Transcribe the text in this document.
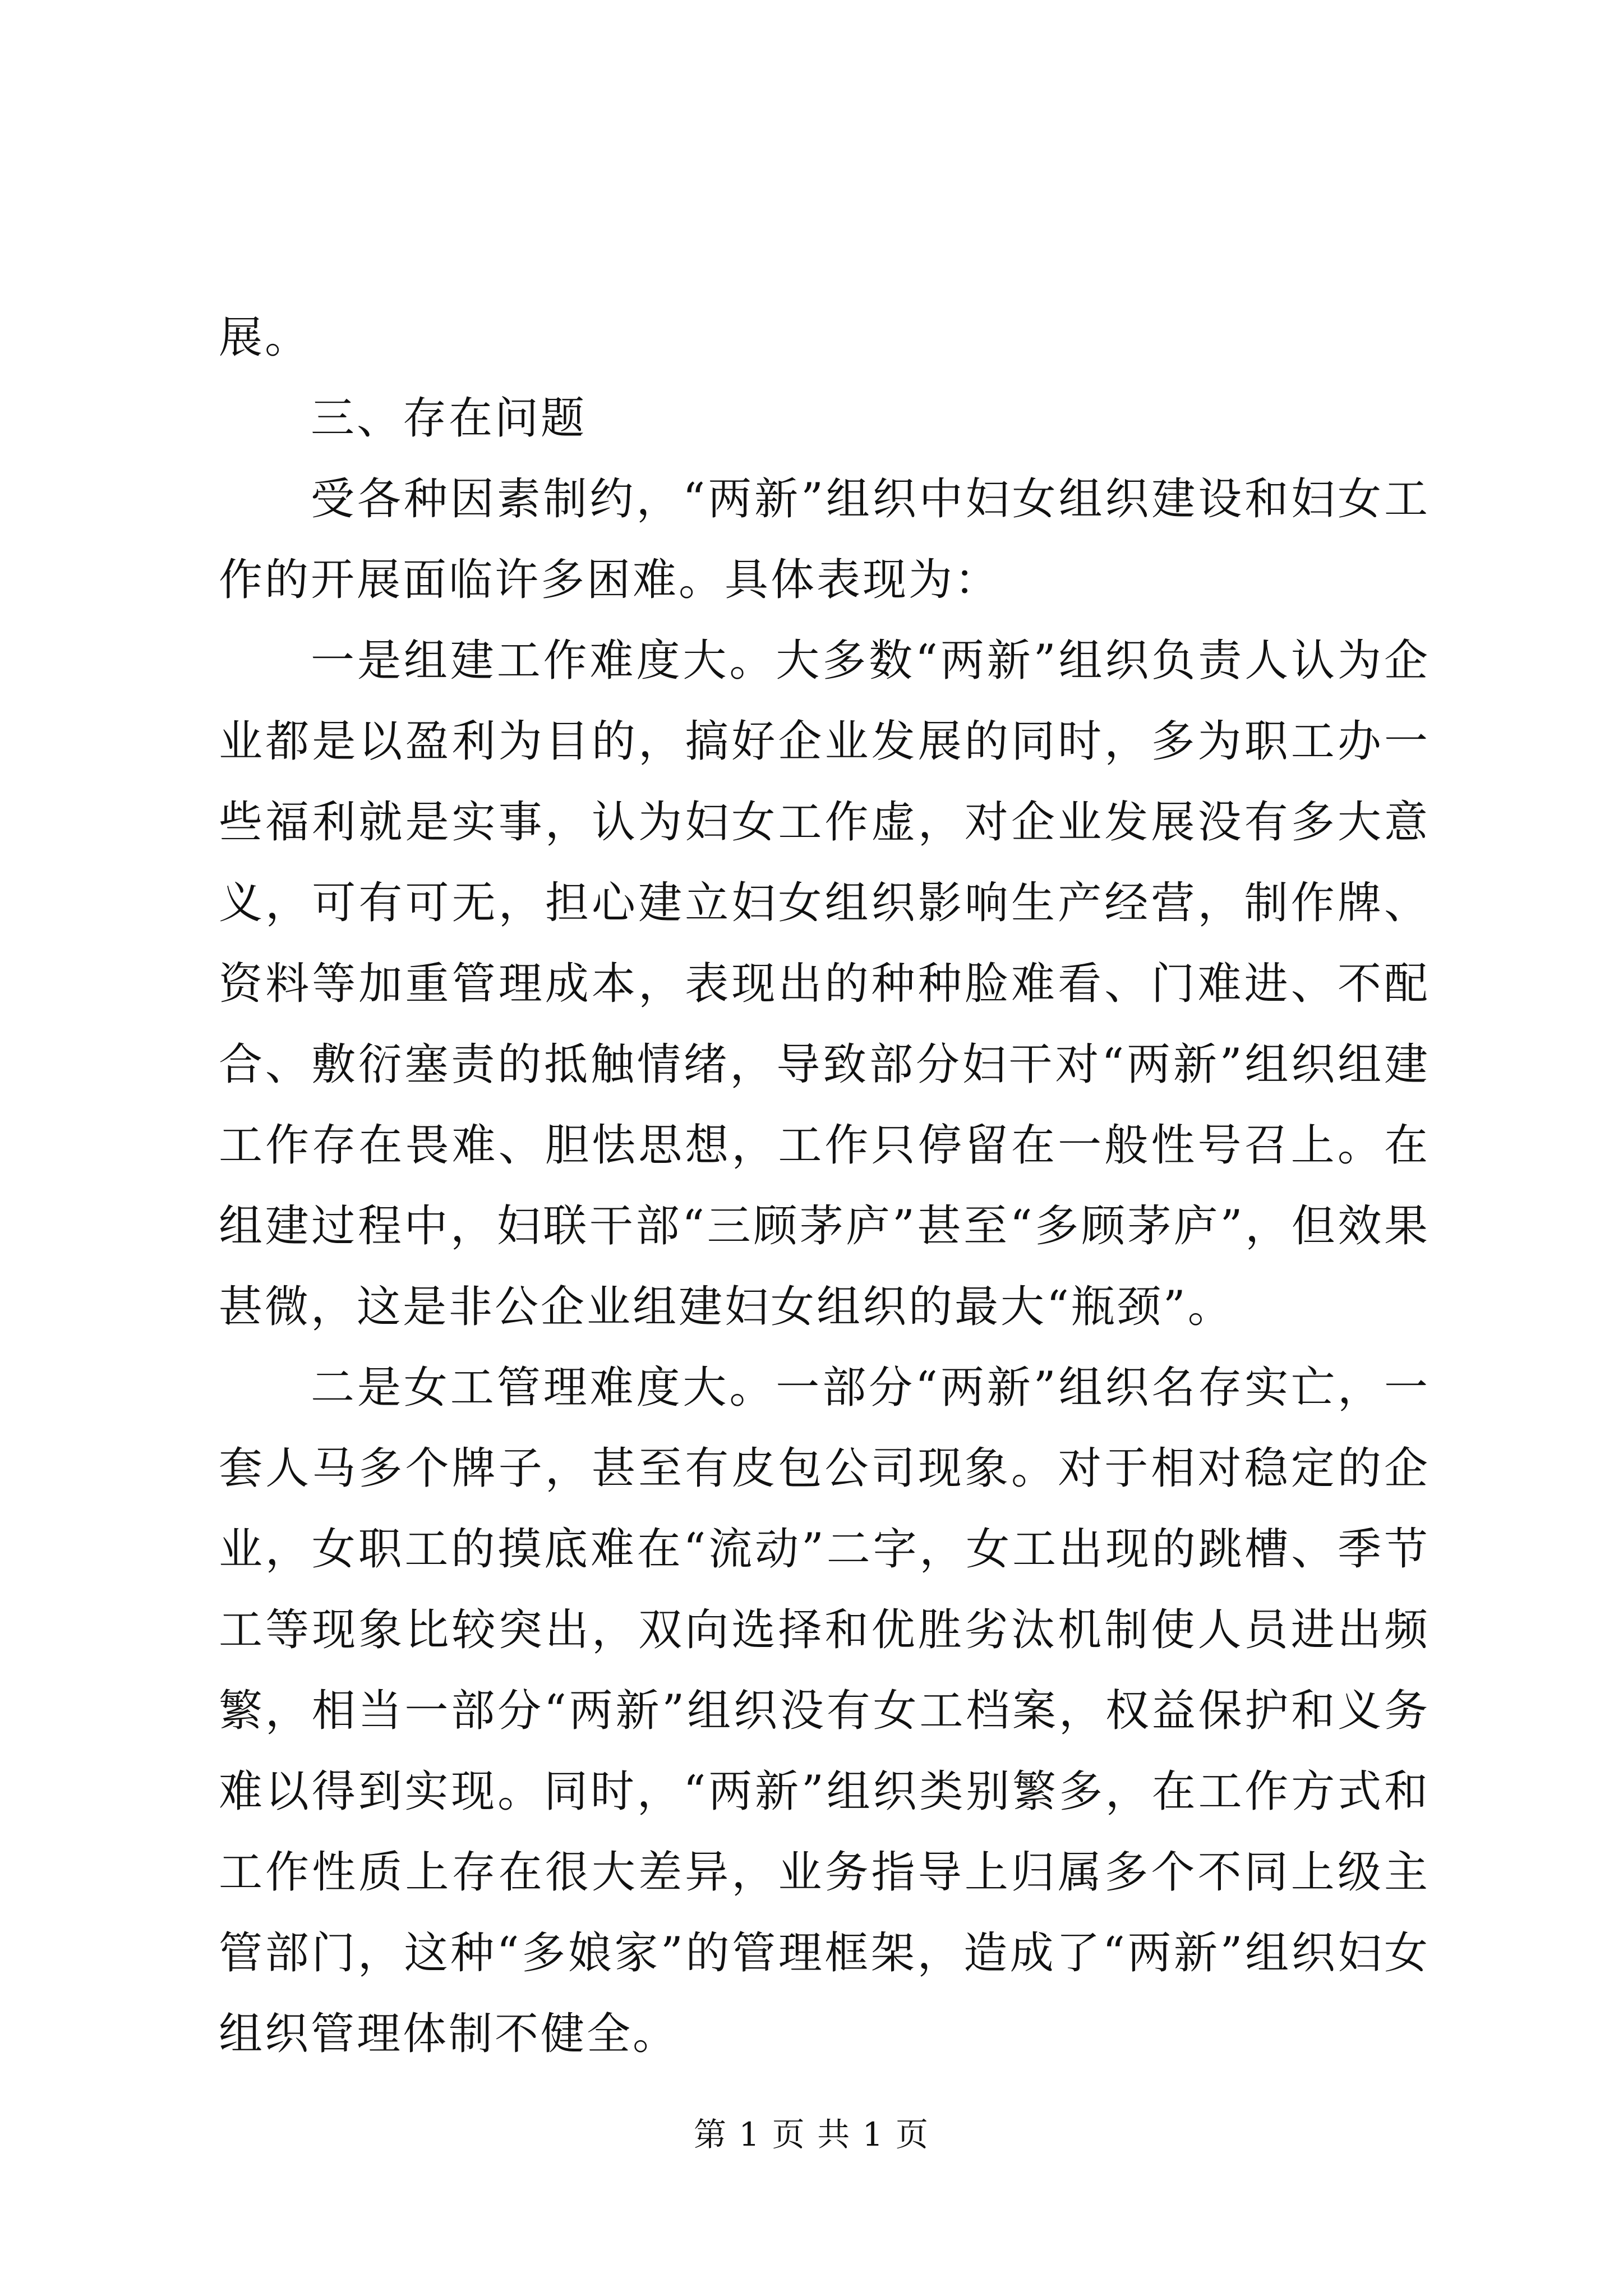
展。

三、存在问题

受各种因素制约，“两新”组织中妇女组织建设和妇女工作的开展面临许多困难。具体表现为：

一是组建工作难度大。大多数“两新”组织负责人认为企业都是以盈利为目的，搞好企业发展的同时，多为职工办一些福利就是实事，认为妇女工作虚，对企业发展没有多大意义，可有可无，担心建立妇女组织影响生产经营，制作牌、资料等加重管理成本，表现出的种种脸难看、门难进、不配合、敷衍塞责的抵触情绪，导致部分妇干对“两新”组织组建工作存在畏难、胆怯思想，工作只停留在一般性号召上。在组建过程中，妇联干部“三顾茅庐”甚至“多顾茅庐”，但效果甚微，这是非公企业组建妇女组织的最大“瓶颈”。

二是女工管理难度大。一部分“两新”组织名存实亡，一套人马多个牌子，甚至有皮包公司现象。对于相对稳定的企业，女职工的摸底难在“流动”二字，女工出现的跳槽、季节工等现象比较突出，双向选择和优胜劣汰机制使人员进出频繁，相当一部分“两新”组织没有女工档案，权益保护和义务难以得到实现。同时，“两新”组织类别繁多，在工作方式和工作性质上存在很大差异，业务指导上归属多个不同上级主管部门，这种“多娘家”的管理框架，造成了“两新”组织妇女组织管理体制不健全。

第 1 页 共 1 页
